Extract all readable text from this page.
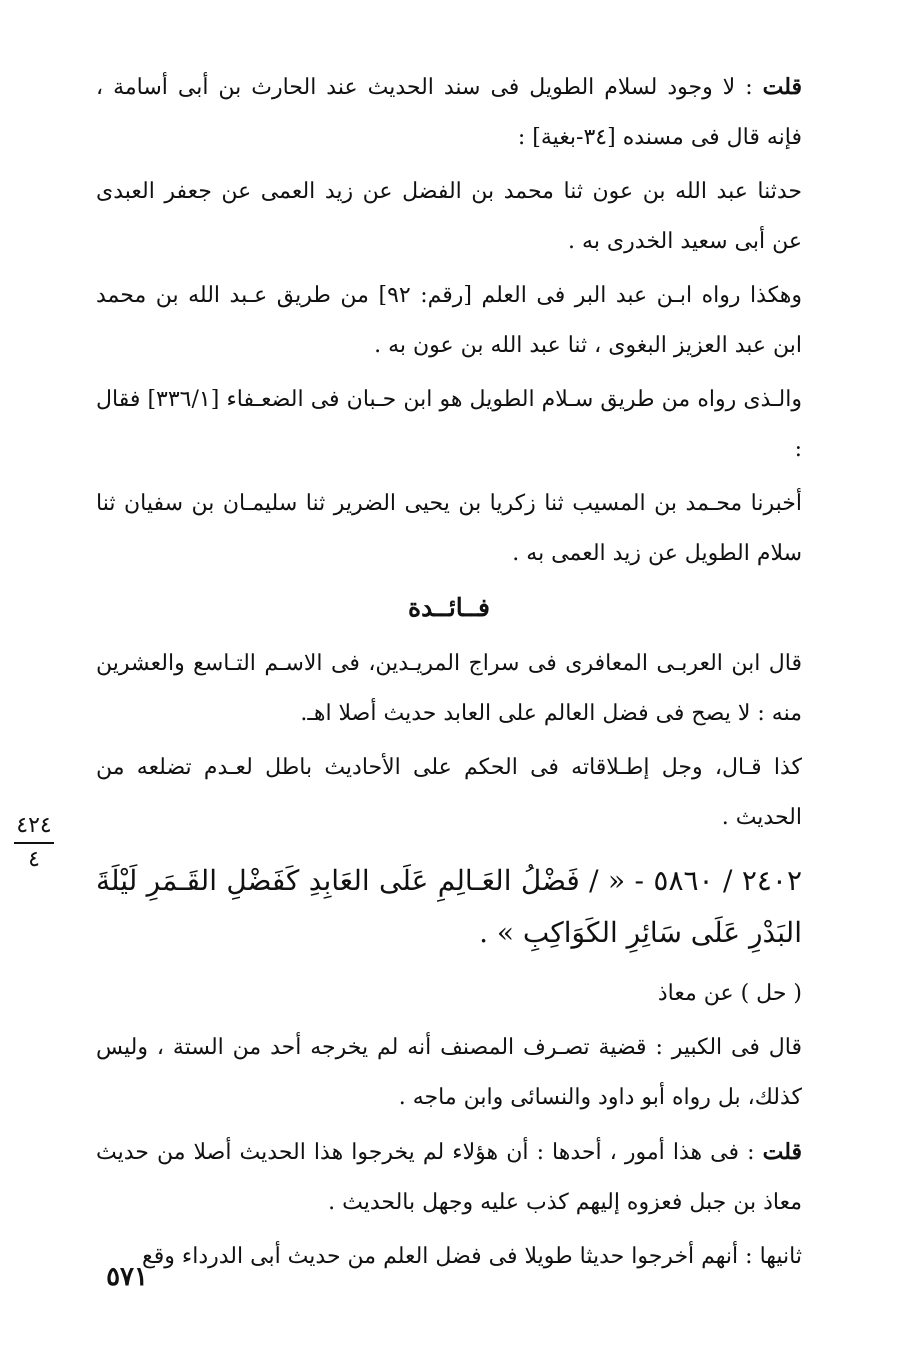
قلت : لا وجود لسلام الطويل فى سند الحديث عند الحارث بن أبى أسامة ، فإنه قال فى مسنده [٣٤-بغية] :

حدثنا عبد الله بن عون ثنا محمد بن الفضل عن زيد العمى عن جعفر العبدى عن أبى سعيد الخدرى به .

وهكذا رواه ابـن عبد البر فى العلم [رقم: ٩٢] من طريق عـبد الله بن محمد ابن عبد العزيز البغوى ، ثنا عبد الله بن عون به .

والـذى رواه من طريق سـلام الطويل هو ابن حـبان فى الضعـفاء [٣٣٦/١] فقال :

أخبرنا محـمد بن المسيب ثنا زكريا بن يحيى الضرير ثنا سليمـان بن سفيان ثنا سلام الطويل عن زيد العمى به .

فــائــدة

قال ابن العربـى المعافرى فى سراج المريـدين، فى الاسـم التـاسع والعشرين منه : لا يصح فى فضل العالم على العابد حديث أصلا اهـ.

كذا قـال، وجل إطـلاقاته فى الحكم على الأحاديث باطل لعـدم تضلعه من الحديث .

٢٤٠٢ / ٥٨٦٠ - « / فَضْلُ العَـالِمِ عَلَى العَابِدِ كَفَضْلِ القَـمَرِ لَيْلَةَ البَدْرِ عَلَى سَائِرِ الكَوَاكِبِ » .

( حل ) عن معاذ

قال فى الكبير : قضية تصـرف المصنف أنه لم يخرجه أحد من الستة ، وليس كذلك، بل رواه أبو داود والنسائى وابن ماجه .

قلت : فى هذا أمور ، أحدها : أن هؤلاء لم يخرجوا هذا الحديث أصلا من حديث معاذ بن جبل فعزوه إليهم كذب عليه وجهل بالحديث .

ثانيها : أنهم أخرجوا حديثا طويلا فى فضل العلم من حديث أبى الدرداء وقع

٤٢٤
٤
٥٧١
